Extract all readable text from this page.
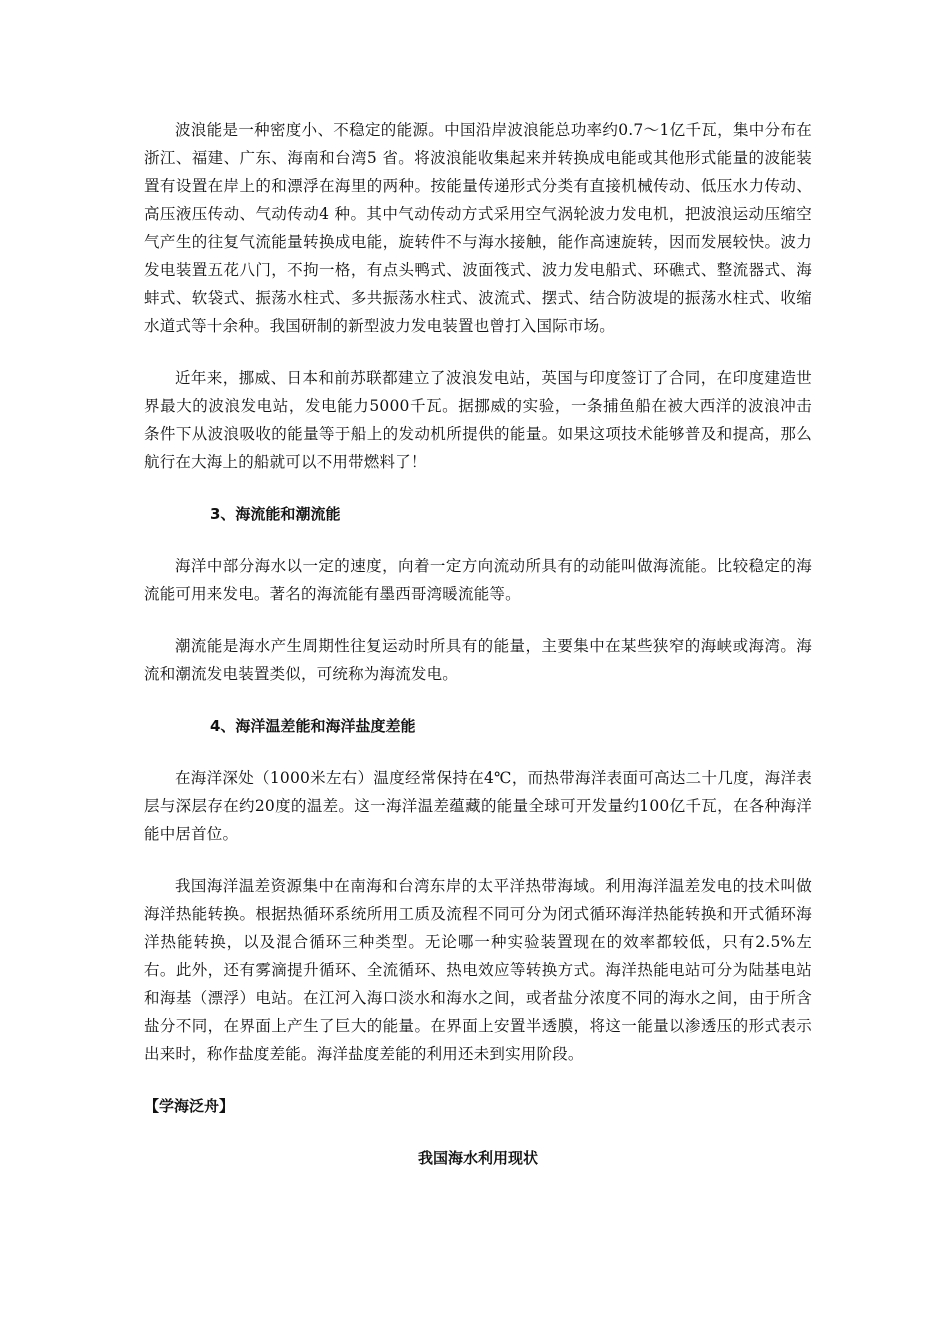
波浪能是一种密度小、不稳定的能源。中国沿岸波浪能总功率约0.7～1亿千瓦，集中分布在浙江、福建、广东、海南和台湾5 省。将波浪能收集起来并转换成电能或其他形式能量的波能装置有设置在岸上的和漂浮在海里的两种。按能量传递形式分类有直接机械传动、低压水力传动、高压液压传动、气动传动4 种。其中气动传动方式采用空气涡轮波力发电机，把波浪运动压缩空气产生的往复气流能量转换成电能，旋转件不与海水接触，能作高速旋转，因而发展较快。波力发电装置五花八门，不拘一格，有点头鸭式、波面筏式、波力发电船式、环礁式、整流器式、海蚌式、软袋式、振荡水柱式、多共振荡水柱式、波流式、摆式、结合防波堤的振荡水柱式、收缩水道式等十余种。我国研制的新型波力发电装置也曾打入国际市场。

近年来，挪威、日本和前苏联都建立了波浪发电站，英国与印度签订了合同，在印度建造世界最大的波浪发电站，发电能力5000千瓦。据挪威的实验，一条捕鱼船在被大西洋的波浪冲击条件下从波浪吸收的能量等于船上的发动机所提供的能量。如果这项技术能够普及和提高，那么航行在大海上的船就可以不用带燃料了！

3、海流能和潮流能

海洋中部分海水以一定的速度，向着一定方向流动所具有的动能叫做海流能。比较稳定的海流能可用来发电。著名的海流能有墨西哥湾暖流能等。

潮流能是海水产生周期性往复运动时所具有的能量，主要集中在某些狭窄的海峡或海湾。海流和潮流发电装置类似，可统称为海流发电。

4、海洋温差能和海洋盐度差能

在海洋深处（1000米左右）温度经常保持在4℃，而热带海洋表面可高达二十几度，海洋表层与深层存在约20度的温差。这一海洋温差蕴藏的能量全球可开发量约100亿千瓦，在各种海洋能中居首位。

我国海洋温差资源集中在南海和台湾东岸的太平洋热带海域。利用海洋温差发电的技术叫做海洋热能转换。根据热循环系统所用工质及流程不同可分为闭式循环海洋热能转换和开式循环海洋热能转换，以及混合循环三种类型。无论哪一种实验装置现在的效率都较低，只有2.5%左右。此外，还有雾滴提升循环、全流循环、热电效应等转换方式。海洋热能电站可分为陆基电站和海基（漂浮）电站。在江河入海口淡水和海水之间，或者盐分浓度不同的海水之间，由于所含盐分不同，在界面上产生了巨大的能量。在界面上安置半透膜，将这一能量以渗透压的形式表示出来时，称作盐度差能。海洋盐度差能的利用还未到实用阶段。

【学海泛舟】

我国海水利用现状
